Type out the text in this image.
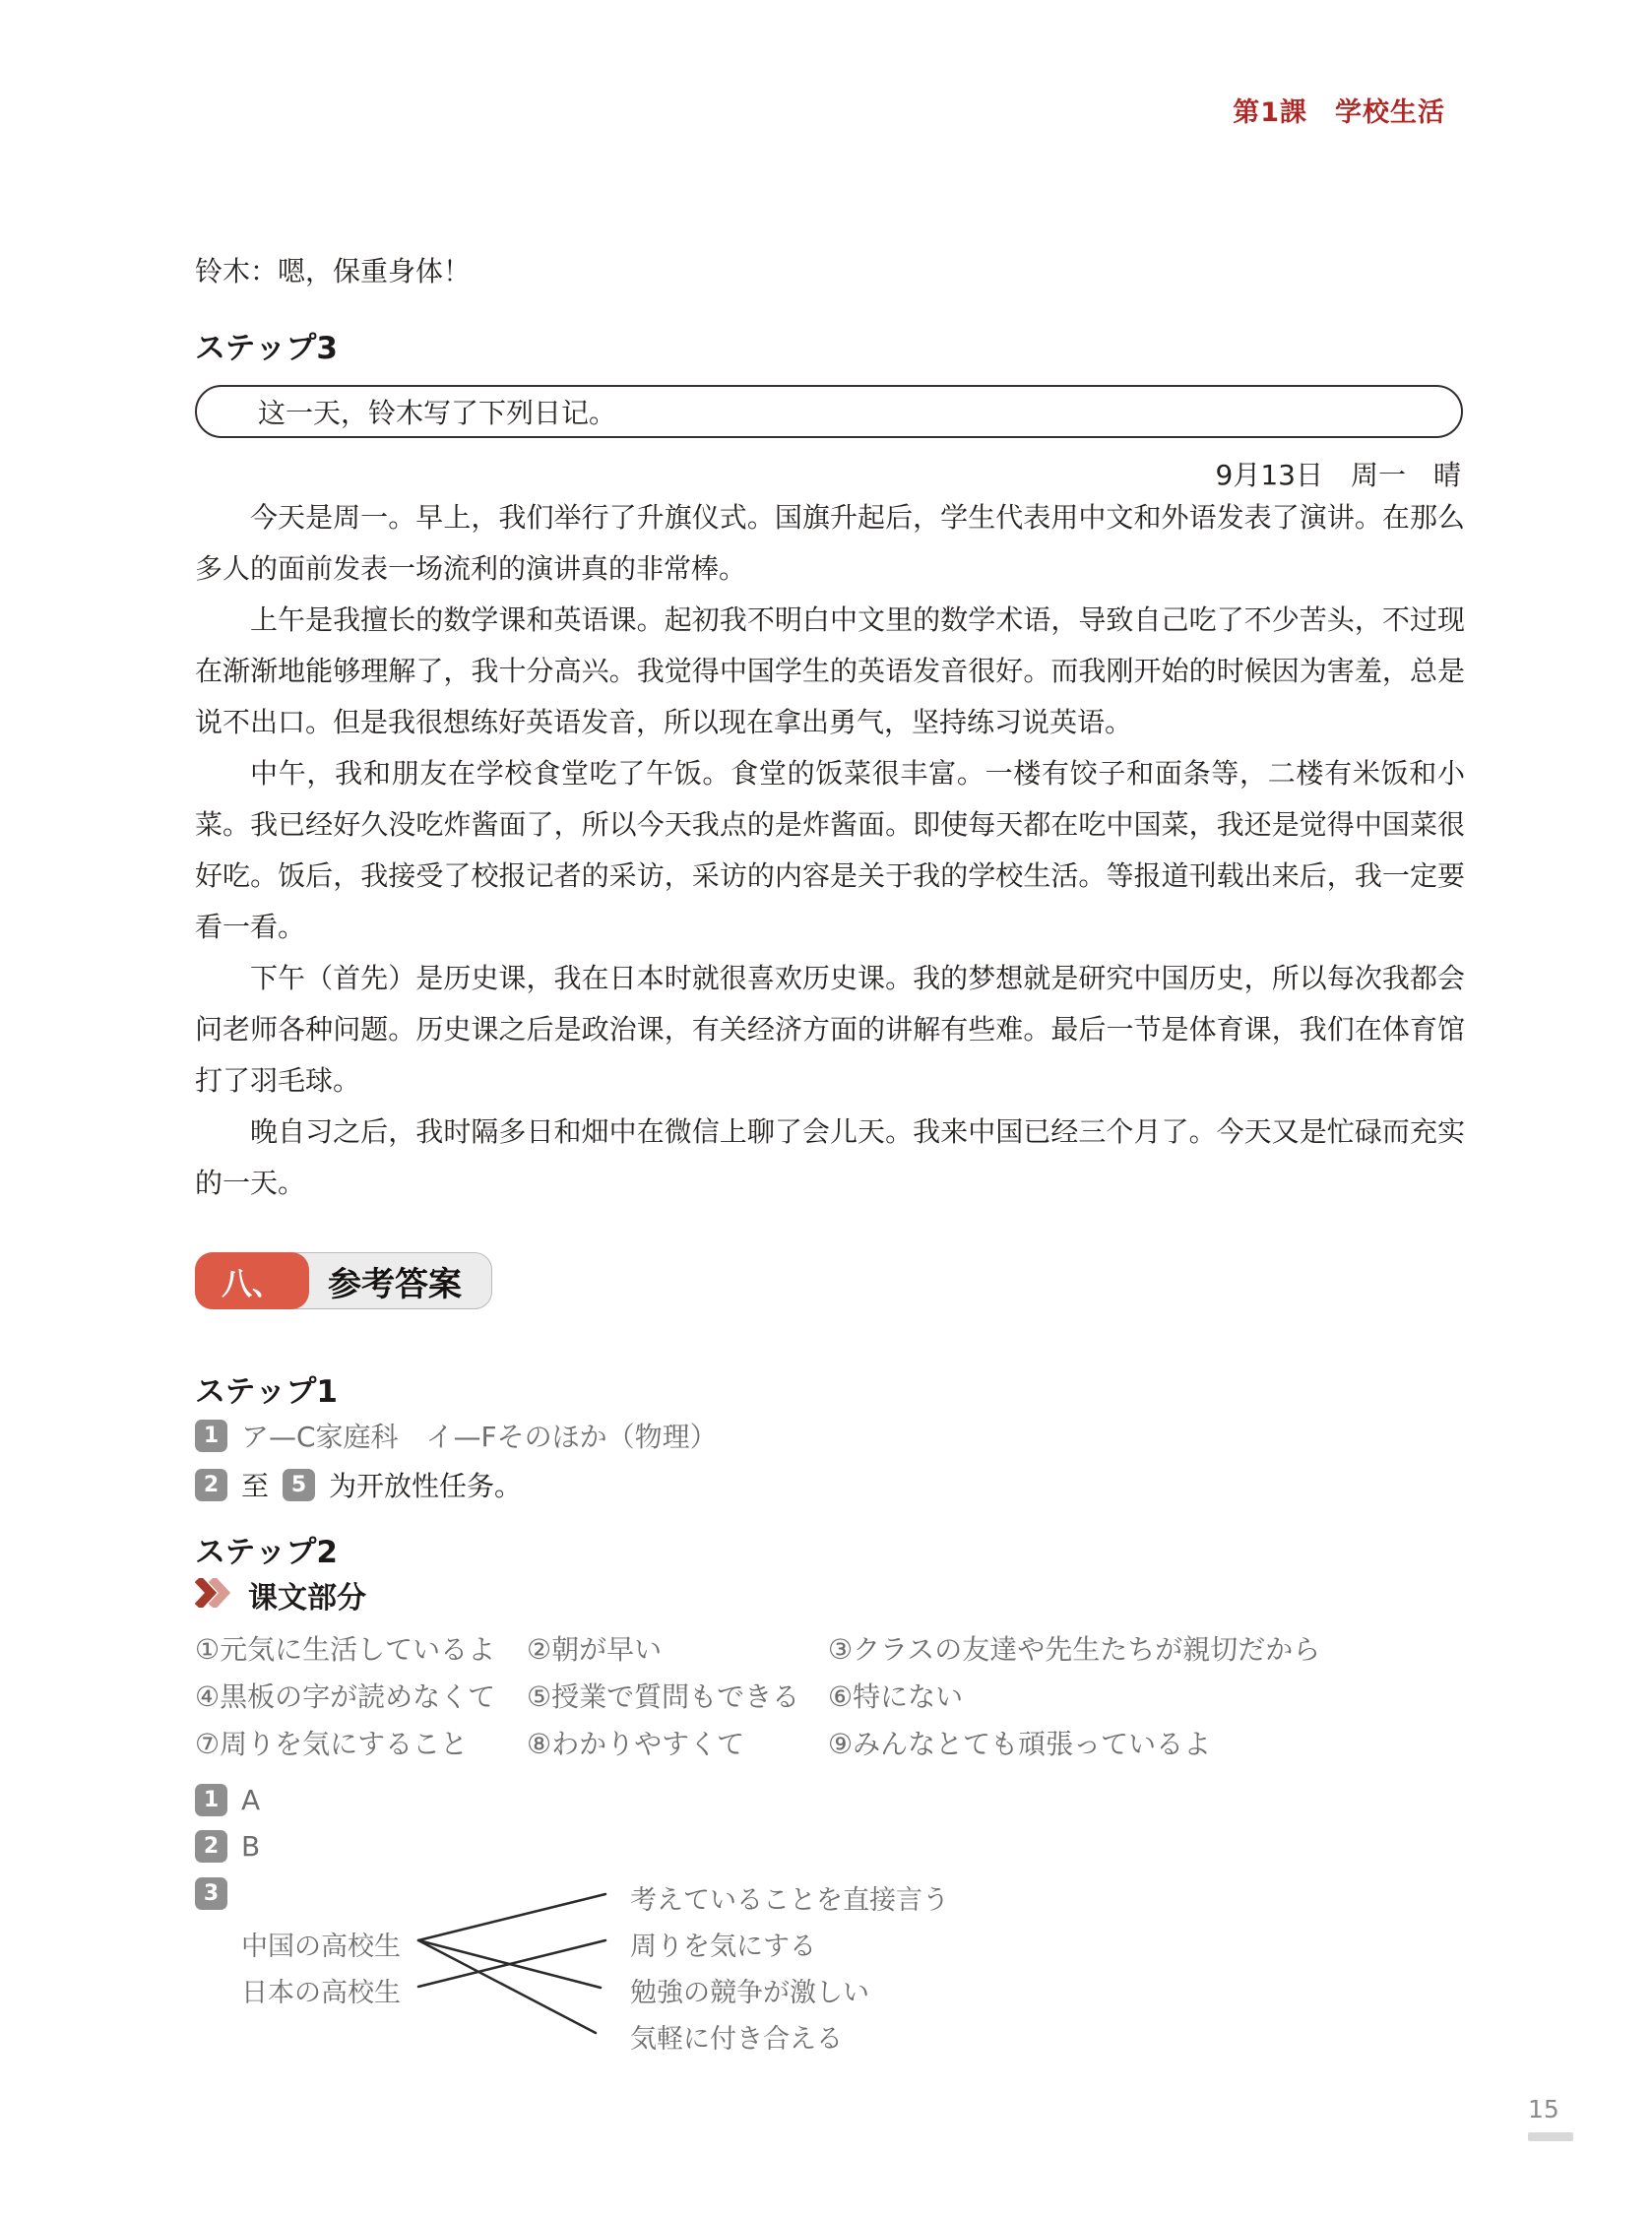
第1課　学校生活
铃木：嗯，保重身体！
ステップ3
这一天，铃木写了下列日记。
9月13日　周一　晴

今天是周一。早上，我们举行了升旗仪式。国旗升起后，学生代表用中文和外语发表了演讲。在那么多人的面前发表一场流利的演讲真的非常棒。

上午是我擅长的数学课和英语课。起初我不明白中文里的数学术语，导致自己吃了不少苦头，不过现在渐渐地能够理解了，我十分高兴。我觉得中国学生的英语发音很好。而我刚开始的时候因为害羞，总是说不出口。但是我很想练好英语发音，所以现在拿出勇气，坚持练习说英语。

中午，我和朋友在学校食堂吃了午饭。食堂的饭菜很丰富。一楼有饺子和面条等，二楼有米饭和小菜。我已经好久没吃炸酱面了，所以今天我点的是炸酱面。即使每天都在吃中国菜，我还是觉得中国菜很好吃。饭后，我接受了校报记者的采访，采访的内容是关于我的学校生活。等报道刊载出来后，我一定要看一看。

下午（首先）是历史课，我在日本时就很喜欢历史课。我的梦想就是研究中国历史，所以每次我都会问老师各种问题。历史课之后是政治课，有关经济方面的讲解有些难。最后一节是体育课，我们在体育馆打了羽毛球。

晚自习之后，我时隔多日和畑中在微信上聊了会儿天。我来中国已经三个月了。今天又是忙碌而充实的一天。

参考答案
八、
ステップ1
1 ア—C家庭科　イ—Fそのほか（物理）
2 至	5 为开放性任务。
ステップ2
课文部分
①元気に生活しているよ ②朝が早い	③クラスの友達や先生たちが親切だから
④黒板の字が読めなくて ⑤授業で質問もできる ⑥特にない
⑦周りを気にすること ⑧わかりやすくて	⑨みんなとても頑張っているよ
1 A
2 B
3
中国の高校生
日本の高校生
考えていることを直接言う
周りを気にする
勉強の競争が激しい
気軽に付き合える
15
